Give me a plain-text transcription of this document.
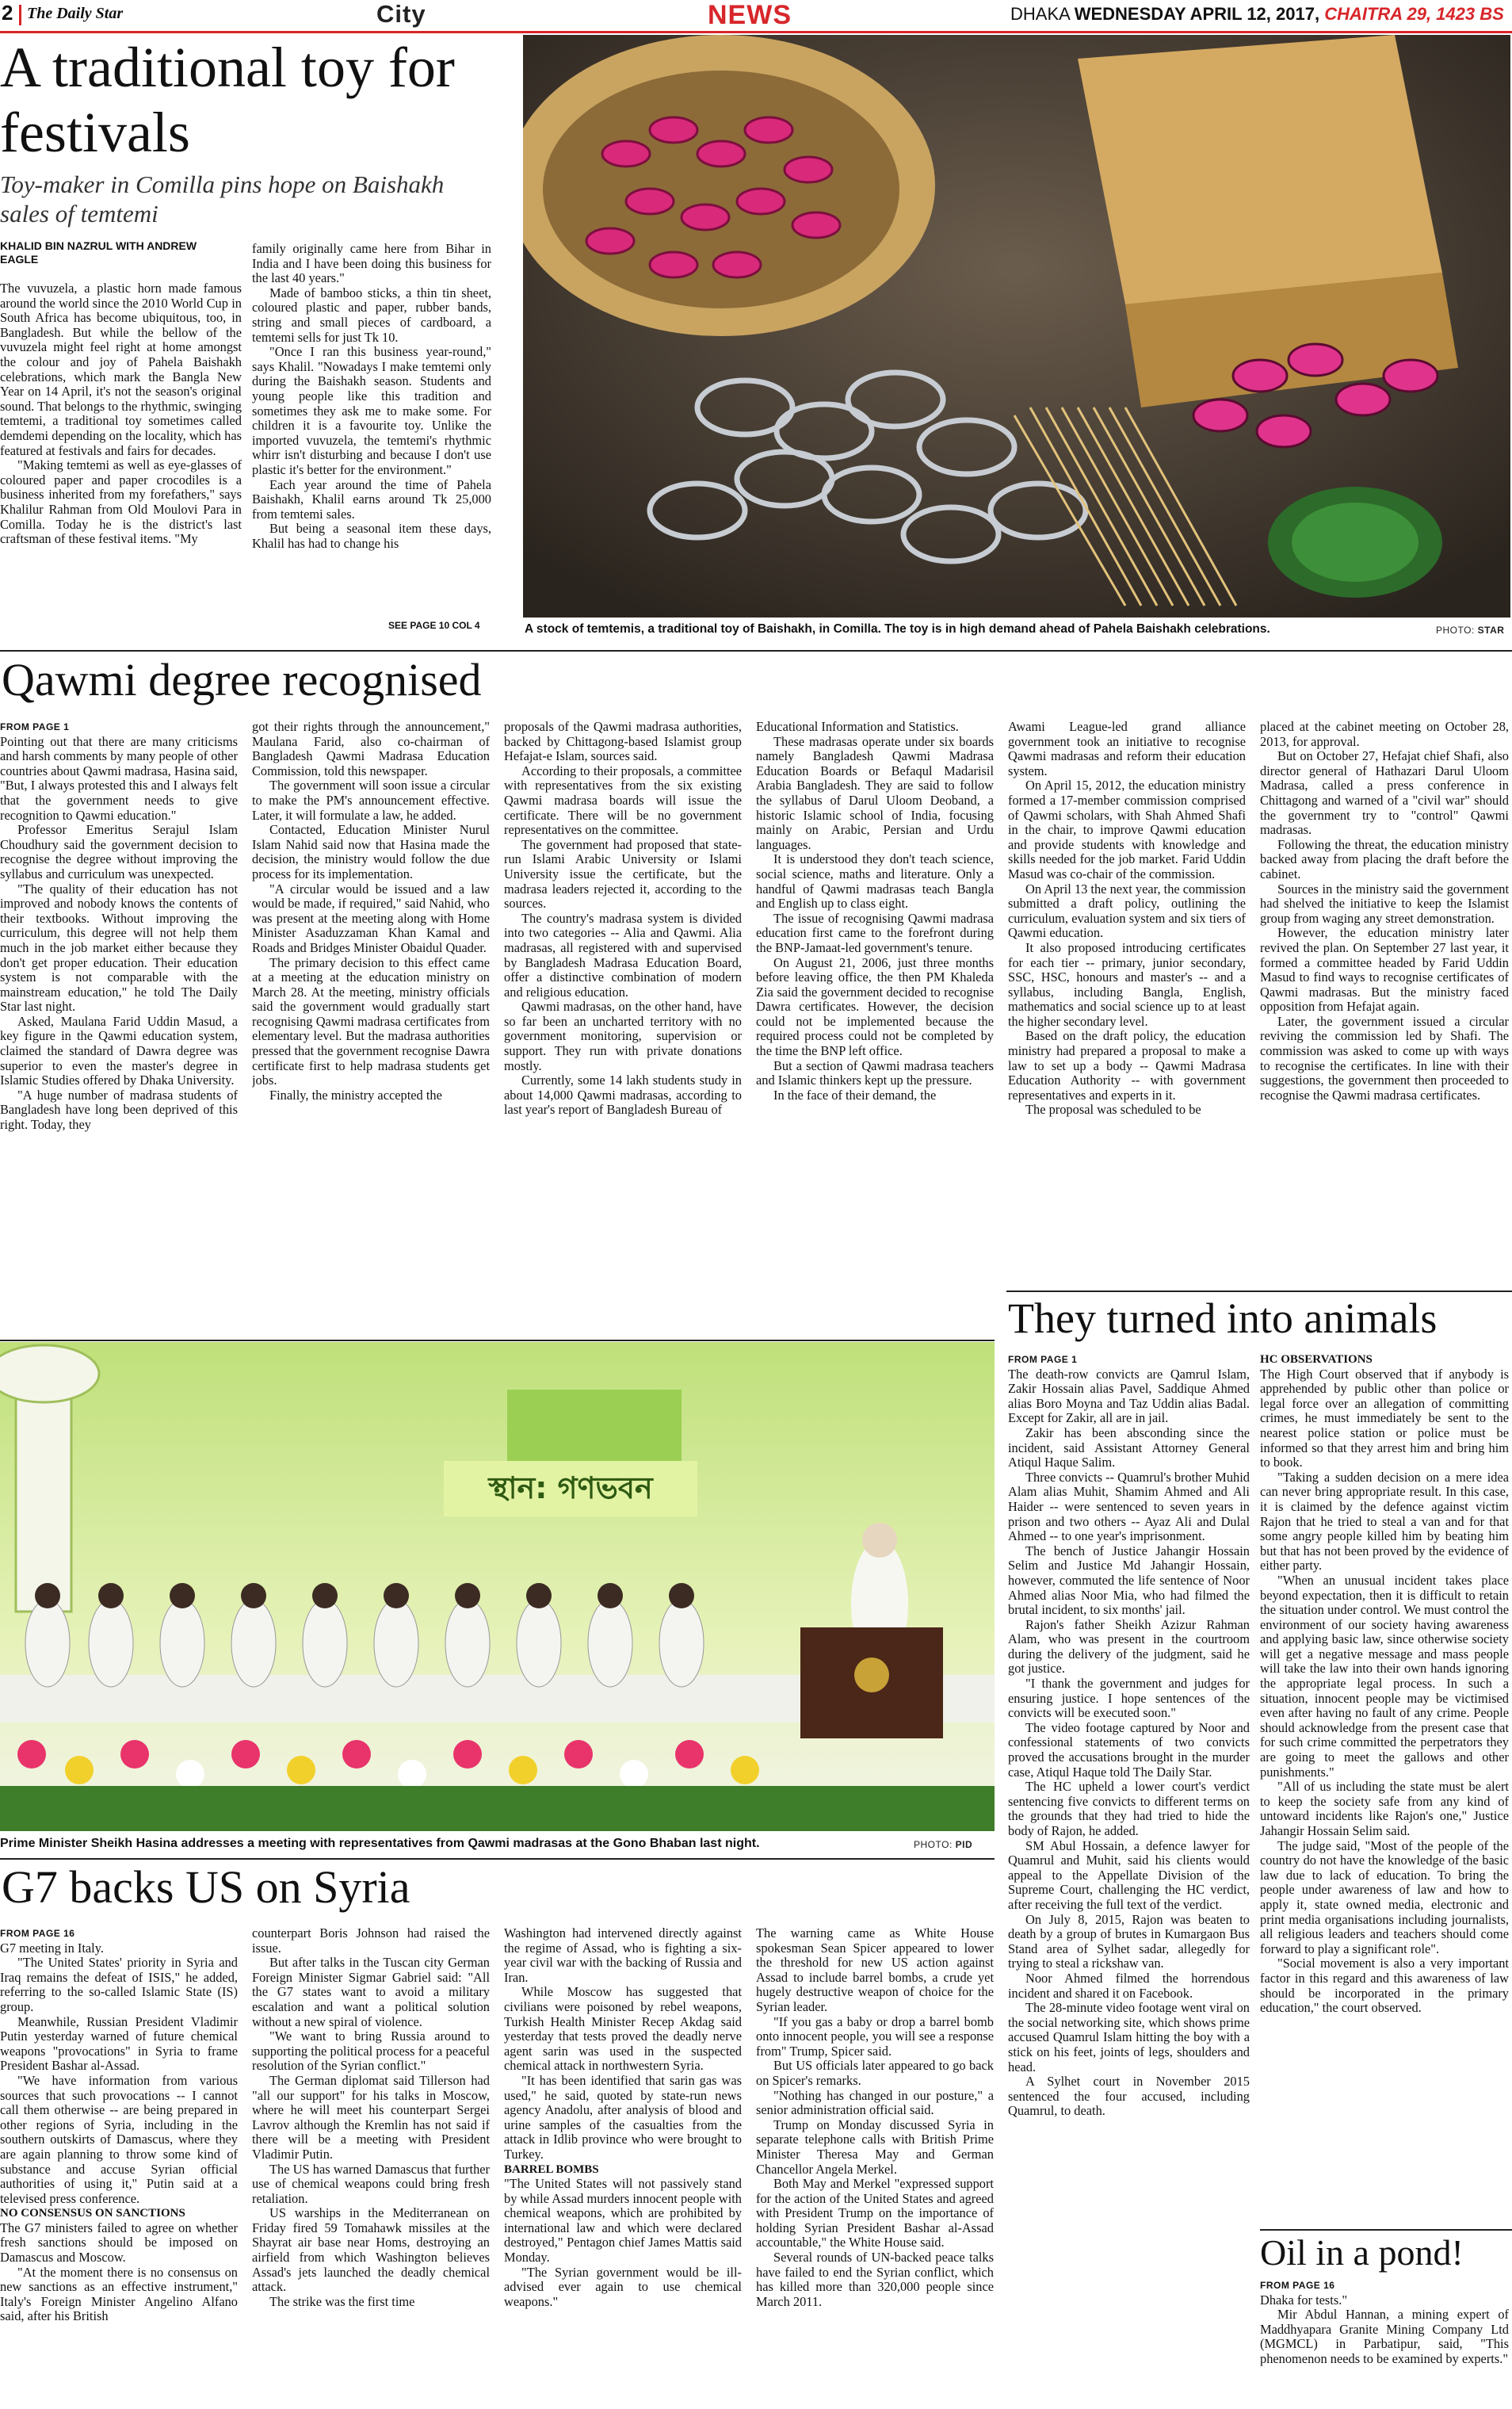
2 The Daily Star	City	NEWS	DHAKA WEDNESDAY APRIL 12, 2017, CHAITRA 29, 1423 BS
A traditional toy for festivals
Toy-maker in Comilla pins hope on Baishakh sales of temtemi
KHALID BIN NAZRUL WITH ANDREW EAGLE

The vuvuzela, a plastic horn made famous around the world since the 2010 World Cup in South Africa has become ubiquitous, too, in Bangladesh. But while the bellow of the vuvuzela might feel right at home amongst the colour and joy of Pahela Baishakh celebrations, which mark the Bangla New Year on 14 April, it's not the season's original sound. That belongs to the rhythmic, swinging temtemi, a traditional toy sometimes called demdemi depending on the locality, which has featured at festivals and fairs for decades.

"Making temtemi as well as eye-glasses of coloured paper and paper crocodiles is a business inherited from my forefathers," says Khalilur Rahman from Old Moulovi Para in Comilla. Today he is the district's last craftsman of these festival items. "My

family originally came here from Bihar in India and I have been doing this business for the last 40 years."

Made of bamboo sticks, a thin tin sheet, coloured plastic and paper, rubber bands, string and small pieces of cardboard, a temtemi sells for just Tk 10.

"Once I ran this business year-round," says Khalil. "Nowadays I make temtemi only during the Baishakh season. Students and young people like this tradition and sometimes they ask me to make some. For children it is a favourite toy. Unlike the imported vuvuzela, the temtemi's rhythmic whirr isn't disturbing and because I don't use plastic it's better for the environment."

Each year around the time of Pahela Baishakh, Khalil earns around Tk 25,000 from temtemi sales.

But being a seasonal item these days, Khalil has had to change his

SEE PAGE 10 COL 4	A stock of temtemis, a traditional toy of Baishakh, in Comilla. The toy is in high demand ahead of Pahela Baishakh celebrations.	PHOTO: STAR
Qawmi degree recognised

FROM PAGE 1

Pointing out that there are many criticisms and harsh comments by many people of other countries about Qawmi madrasa, Hasina said, "But, I always protested this and I always felt that the government needs to give recognition to Qawmi education."

Professor Emeritus Serajul Islam Choudhury said the government decision to recognise the degree without improving the syllabus and curriculum was unexpected.

"The quality of their education has not improved and nobody knows the contents of their textbooks. Without improving the curriculum, this degree will not help them much in the job market either because they don't get proper education. Their education system is not comparable with the mainstream education," he told The Daily Star last night.

Asked, Maulana Farid Uddin Masud, a key figure in the Qawmi education system, claimed the standard of Dawra degree was superior to even the master's degree in Islamic Studies offered by Dhaka University.

"A huge number of madrasa students of Bangladesh have long been deprived of this right. Today, they

got their rights through the announcement," Maulana Farid, also co-chairman of Bangladesh Qawmi Madrasa Education Commission, told this newspaper.

The government will soon issue a circular to make the PM's announcement effective. Later, it will formulate a law, he added.

Contacted, Education Minister Nurul Islam Nahid said now that Hasina made the decision, the ministry would follow the due process for its implementation.

"A circular would be issued and a law would be made, if required," said Nahid, who was present at the meeting along with Home Minister Asaduzzaman Khan Kamal and Roads and Bridges Minister Obaidul Quader.

The primary decision to this effect came at a meeting at the education ministry on March 28. At the meeting, ministry officials said the government would gradually start recognising Qawmi madrasa certificates from elementary level. But the madrasa authorities pressed that the government recognise Dawra certificate first to help madrasa students get jobs.

Finally, the ministry accepted the

proposals of the Qawmi madrasa authorities, backed by Chittagong-based Islamist group Hefajat-e Islam, sources said.

According to their proposals, a committee with representatives from the six existing Qawmi madrasa boards will issue the certificate. There will be no government representatives on the committee.

The government had proposed that state-run Islami Arabic University or Islami University issue the certificate, but the madrasa leaders rejected it, according to the sources.

The country's madrasa system is divided into two categories -- Alia and Qawmi. Alia madrasas, all registered with and supervised by Bangladesh Madrasa Education Board, offer a distinctive combination of modern and religious education.

Qawmi madrasas, on the other hand, have so far been an uncharted territory with no government monitoring, supervision or support. They run with private donations mostly.

Currently, some 14 lakh students study in about 14,000 Qawmi madrasas, according to last year's report of Bangladesh Bureau of

Educational Information and Statistics.

These madrasas operate under six boards namely Bangladesh Qawmi Madrasa Education Boards or Befaqul Madarisil Arabia Bangladesh. They are said to follow the syllabus of Darul Uloom Deoband, a historic Islamic school of India, focusing mainly on Arabic, Persian and Urdu languages.

It is understood they don't teach science, social science, maths and literature. Only a handful of Qawmi madrasas teach Bangla and English up to class eight.

The issue of recognising Qawmi madrasa education first came to the forefront during the BNP-Jamaat-led government's tenure.

On August 21, 2006, just three months before leaving office, the then PM Khaleda Zia said the government decided to recognise Dawra certificates. However, the decision could not be implemented because the required process could not be completed by the time the BNP left office.

But a section of Qawmi madrasa teachers and Islamic thinkers kept up the pressure.

In the face of their demand, the

Awami League-led grand alliance government took an initiative to recognise Qawmi madrasas and reform their education system.

On April 15, 2012, the education ministry formed a 17-member commission comprised of Qawmi scholars, with Shah Ahmed Shafi in the chair, to improve Qawmi education and provide students with knowledge and skills needed for the job market. Farid Uddin Masud was co-chair of the commission.

On April 13 the next year, the commission submitted a draft policy, outlining the curriculum, evaluation system and six tiers of Qawmi education.

It also proposed introducing certificates for each tier -- primary, junior secondary, SSC, HSC, honours and master's -- and a syllabus, including Bangla, English, mathematics and social science up to at least the higher secondary level.

Based on the draft policy, the education ministry had prepared a proposal to make a law to set up a body -- Qawmi Madrasa Education Authority -- with government representatives and experts in it.

The proposal was scheduled to be

placed at the cabinet meeting on October 28, 2013, for approval.

But on October 27, Hefajat chief Shafi, also director general of Hathazari Darul Uloom Madrasa, called a press conference in Chittagong and warned of a "civil war" should the government try to "control" Qawmi madrasas.

Following the threat, the education ministry backed away from placing the draft before the cabinet.

Sources in the ministry said the government had shelved the initiative to keep the Islamist group from waging any street demonstration.

However, the education ministry later revived the plan. On September 27 last year, it formed a committee headed by Farid Uddin Masud to find ways to recognise certificates of Qawmi madrasas. But the ministry faced opposition from Hefajat again.

Later, the government issued a circular reviving the commission led by Shafi. The commission was asked to come up with ways to recognise the certificates. In line with their suggestions, the government then proceeded to recognise the Qawmi madrasa certificates.

স্থান: গণভবন
Prime Minister Sheikh Hasina addresses a meeting with representatives from Qawmi madrasas at the Gono Bhaban last night.	PHOTO: PID
G7 backs US on Syria

FROM PAGE 16

G7 meeting in Italy.

"The United States' priority in Syria and Iraq remains the defeat of ISIS," he added, referring to the so-called Islamic State (IS) group.

Meanwhile, Russian President Vladimir Putin yesterday warned of future chemical weapons "provocations" in Syria to frame President Bashar al-Assad.

"We have information from various sources that such provocations -- I cannot call them otherwise -- are being prepared in other regions of Syria, including in the southern outskirts of Damascus, where they are again planning to throw some kind of substance and accuse Syrian official authorities of using it," Putin said at a televised press conference.

NO CONSENSUS ON SANCTIONS

The G7 ministers failed to agree on whether fresh sanctions should be imposed on Damascus and Moscow.

"At the moment there is no consensus on new sanctions as an effective instrument," Italy's Foreign Minister Angelino Alfano said, after his British

counterpart Boris Johnson had raised the issue.

But after talks in the Tuscan city German Foreign Minister Sigmar Gabriel said: "All the G7 states want to avoid a military escalation and want a political solution without a new spiral of violence.

"We want to bring Russia around to supporting the political process for a peaceful resolution of the Syrian conflict."

The German diplomat said Tillerson had "all our support" for his talks in Moscow, where he will meet his counterpart Sergei Lavrov although the Kremlin has not said if there will be a meeting with President Vladimir Putin.

The US has warned Damascus that further use of chemical weapons could bring fresh retaliation.

US warships in the Mediterranean on Friday fired 59 Tomahawk missiles at the Shayrat air base near Homs, destroying an airfield from which Washington believes Assad's jets launched the deadly chemical attack.

The strike was the first time

Washington had intervened directly against the regime of Assad, who is fighting a six-year civil war with the backing of Russia and Iran.

While Moscow has suggested that civilians were poisoned by rebel weapons, Turkish Health Minister Recep Akdag said yesterday that tests proved the deadly nerve agent sarin was used in the suspected chemical attack in northwestern Syria.

"It has been identified that sarin gas was used," he said, quoted by state-run news agency Anadolu, after analysis of blood and urine samples of the casualties from the attack in Idlib province who were brought to Turkey.

BARREL BOMBS

"The United States will not passively stand by while Assad murders innocent people with chemical weapons, which are prohibited by international law and which were declared destroyed," Pentagon chief James Mattis said Monday.

"The Syrian government would be ill-advised ever again to use chemical weapons."

The warning came as White House spokesman Sean Spicer appeared to lower the threshold for new US action against Assad to include barrel bombs, a crude yet hugely destructive weapon of choice for the Syrian leader.

"If you gas a baby or drop a barrel bomb onto innocent people, you will see a response from" Trump, Spicer said.

But US officials later appeared to go back on Spicer's remarks.

"Nothing has changed in our posture," a senior administration official said.

Trump on Monday discussed Syria in separate telephone calls with British Prime Minister Theresa May and German Chancellor Angela Merkel.

Both May and Merkel "expressed support for the action of the United States and agreed with President Trump on the importance of holding Syrian President Bashar al-Assad accountable," the White House said.

Several rounds of UN-backed peace talks have failed to end the Syrian conflict, which has killed more than 320,000 people since March 2011.

They turned into animals

FROM PAGE 1

The death-row convicts are Qamrul Islam, Zakir Hossain alias Pavel, Saddique Ahmed alias Boro Moyna and Taz Uddin alias Badal. Except for Zakir, all are in jail.

Zakir has been absconding since the incident, said Assistant Attorney General Atiqul Haque Salim.

Three convicts -- Quamrul's brother Muhid Alam alias Muhit, Shamim Ahmed and Ali Haider -- were sentenced to seven years in prison and two others -- Ayaz Ali and Dulal Ahmed -- to one year's imprisonment.

The bench of Justice Jahangir Hossain Selim and Justice Md Jahangir Hossain, however, commuted the life sentence of Noor Ahmed alias Noor Mia, who had filmed the brutal incident, to six months' jail.

Rajon's father Sheikh Azizur Rahman Alam, who was present in the courtroom during the delivery of the judgment, said he got justice.

"I thank the government and judges for ensuring justice. I hope sentences of the convicts will be executed soon."

The video footage captured by Noor and confessional statements of two convicts proved the accusations brought in the murder case, Atiqul Haque told The Daily Star.

The HC upheld a lower court's verdict sentencing five convicts to different terms on the grounds that they had tried to hide the body of Rajon, he added.

SM Abul Hossain, a defence lawyer for Quamrul and Muhit, said his clients would appeal to the Appellate Division of the Supreme Court, challenging the HC verdict, after receiving the full text of the verdict.

On July 8, 2015, Rajon was beaten to death by a group of brutes in Kumargaon Bus Stand area of Sylhet sadar, allegedly for trying to steal a rickshaw van.

Noor Ahmed filmed the horrendous incident and shared it on Facebook.

The 28-minute video footage went viral on the social networking site, which shows prime accused Quamrul Islam hitting the boy with a stick on his feet, joints of legs, shoulders and head.

A Sylhet court in November 2015 sentenced the four accused, including Quamrul, to death.

HC OBSERVATIONS

The High Court observed that if anybody is apprehended by public other than police or legal force over an allegation of committing crimes, he must immediately be sent to the nearest police station or police must be informed so that they arrest him and bring him to book.

"Taking a sudden decision on a mere idea can never bring appropriate result. In this case, it is claimed by the defence against victim Rajon that he tried to steal a van and for that some angry people killed him by beating him but that has not been proved by the evidence of either party.

"When an unusual incident takes place beyond expectation, then it is difficult to retain the situation under control. We must control the environment of our society having awareness and applying basic law, since otherwise society will get a negative message and mass people will take the law into their own hands ignoring the appropriate legal process. In such a situation, innocent people may be victimised even after having no fault of any crime. People should acknowledge from the present case that for such crime committed the perpetrators they are going to meet the gallows and other punishments."

"All of us including the state must be alert to keep the society safe from any kind of untoward incidents like Rajon's one," Justice Jahangir Hossain Selim said.

The judge said, "Most of the people of the country do not have the knowledge of the basic law due to lack of education. To bring the people under awareness of law and how to apply it, state owned media, electronic and print media organisations including journalists, all religious leaders and teachers should come forward to play a significant role".

"Social movement is also a very important factor in this regard and this awareness of law should be incorporated in the primary education," the court observed.

Oil in a pond!

FROM PAGE 16

Dhaka for tests."

Mir Abdul Hannan, a mining expert of Maddhyapara Granite Mining Company Ltd (MGMCL) in Parbatipur, said, "This phenomenon needs to be examined by experts."
